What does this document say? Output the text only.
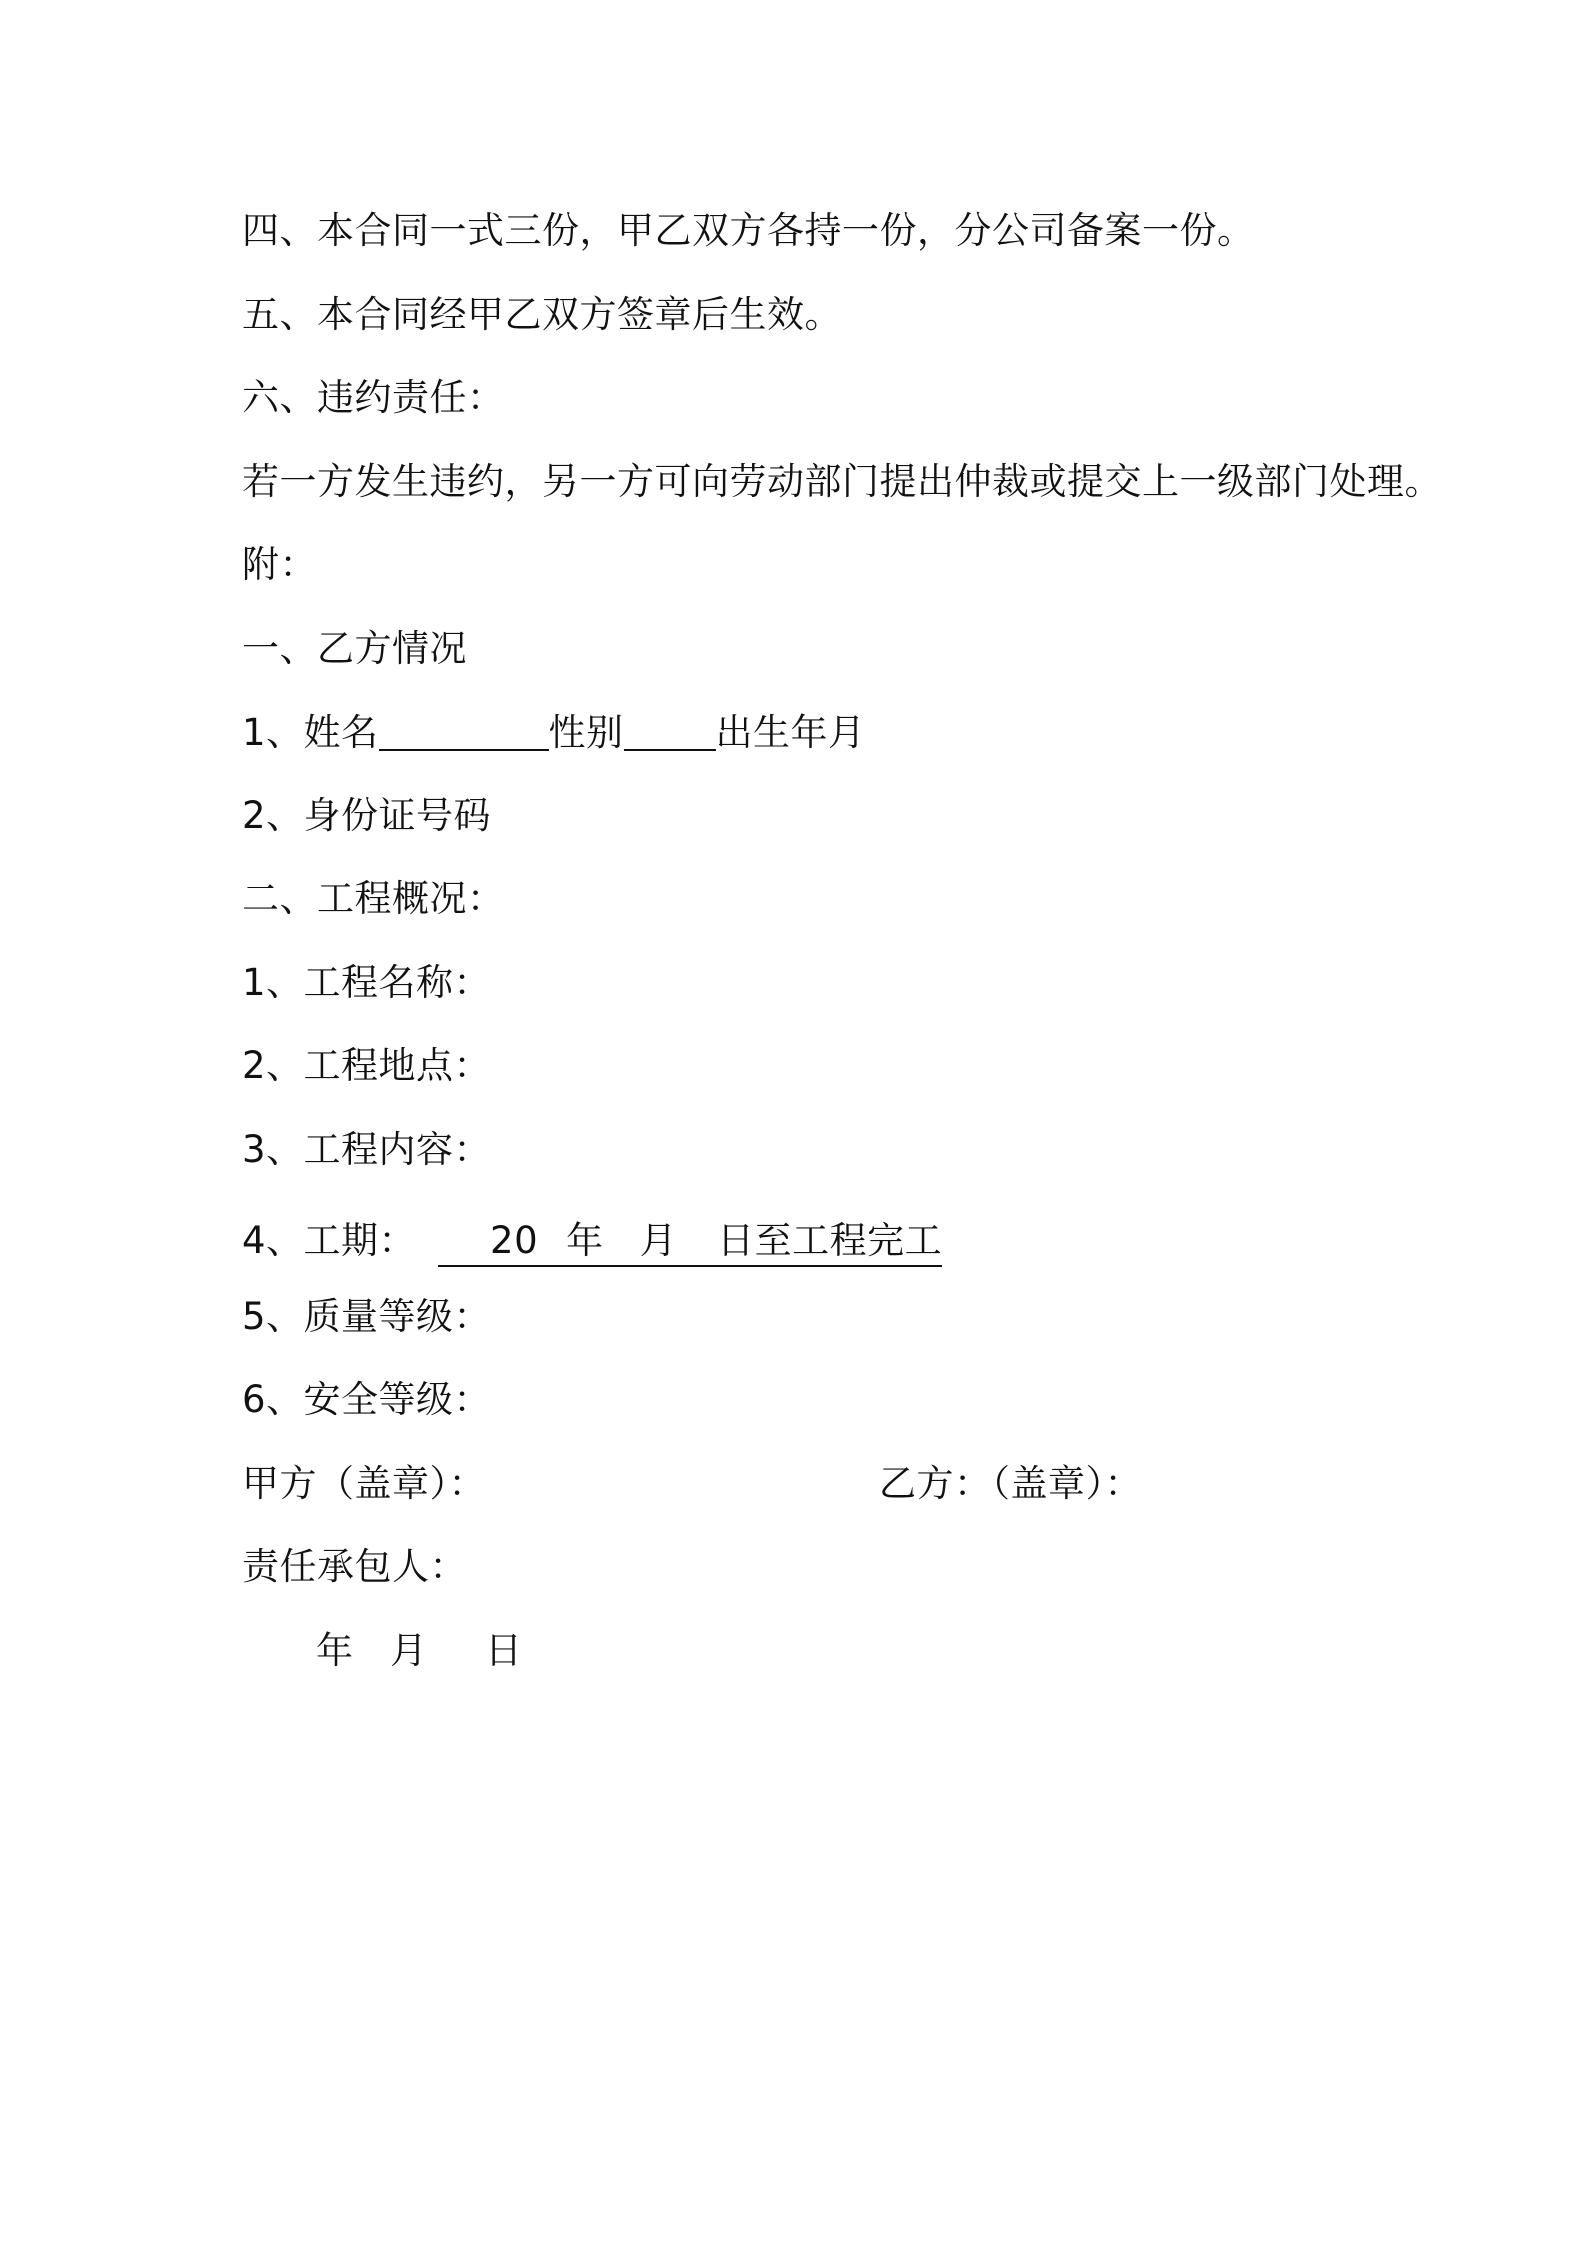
四、本合同一式三份，甲乙双方各持一份，分公司备案一份。
五、本合同经甲乙双方签章后生效。
六、违约责任：
若一方发生违约，另一方可向劳动部门提出仲裁或提交上一级部门处理。
附：
一、乙方情况
1、姓名	性别 出生年月
2、身份证号码
二、工程概况：
1、工程名称：
2、工程地点：
3、工程内容：
4、工期： 20 年 月 日至工程完工
5、质量等级：
6、安全等级：
甲方（盖章）：	乙方：（盖章）：
责任承包人：
年 月 日
